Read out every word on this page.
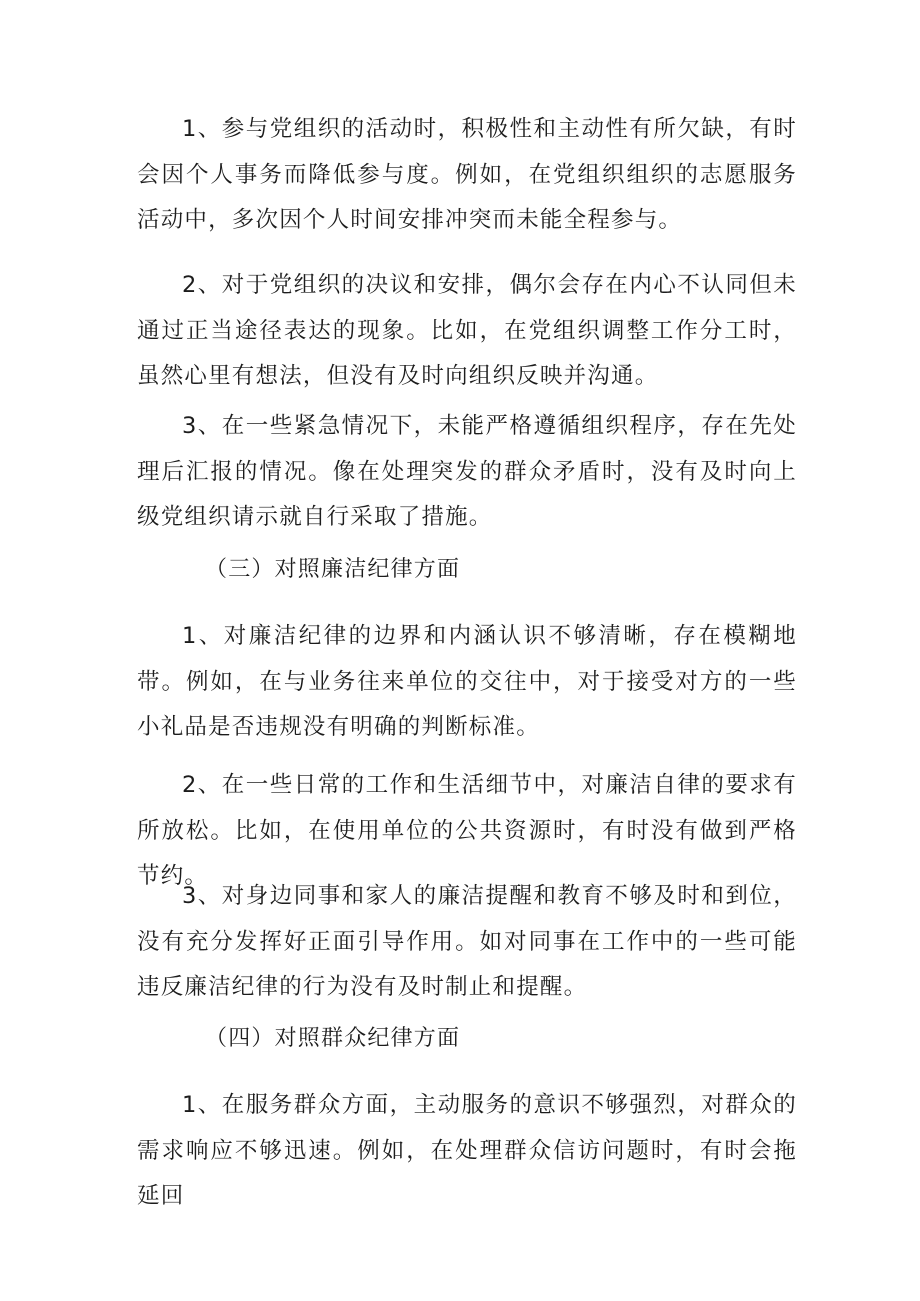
1、参与党组织的活动时，积极性和主动性有所欠缺，有时会因个人事务而降低参与度。例如，在党组织组织的志愿服务活动中，多次因个人时间安排冲突而未能全程参与。

2、对于党组织的决议和安排，偶尔会存在内心不认同但未通过正当途径表达的现象。比如，在党组织调整工作分工时，虽然心里有想法，但没有及时向组织反映并沟通。

3、在一些紧急情况下，未能严格遵循组织程序，存在先处理后汇报的情况。像在处理突发的群众矛盾时，没有及时向上级党组织请示就自行采取了措施。

（三）对照廉洁纪律方面

1、对廉洁纪律的边界和内涵认识不够清晰，存在模糊地带。例如，在与业务往来单位的交往中，对于接受对方的一些小礼品是否违规没有明确的判断标准。

2、在一些日常的工作和生活细节中，对廉洁自律的要求有所放松。比如，在使用单位的公共资源时，有时没有做到严格节约。

3、对身边同事和家人的廉洁提醒和教育不够及时和到位，没有充分发挥好正面引导作用。如对同事在工作中的一些可能违反廉洁纪律的行为没有及时制止和提醒。

（四）对照群众纪律方面

1、在服务群众方面，主动服务的意识不够强烈，对群众的需求响应不够迅速。例如，在处理群众信访问题时，有时会拖延回
